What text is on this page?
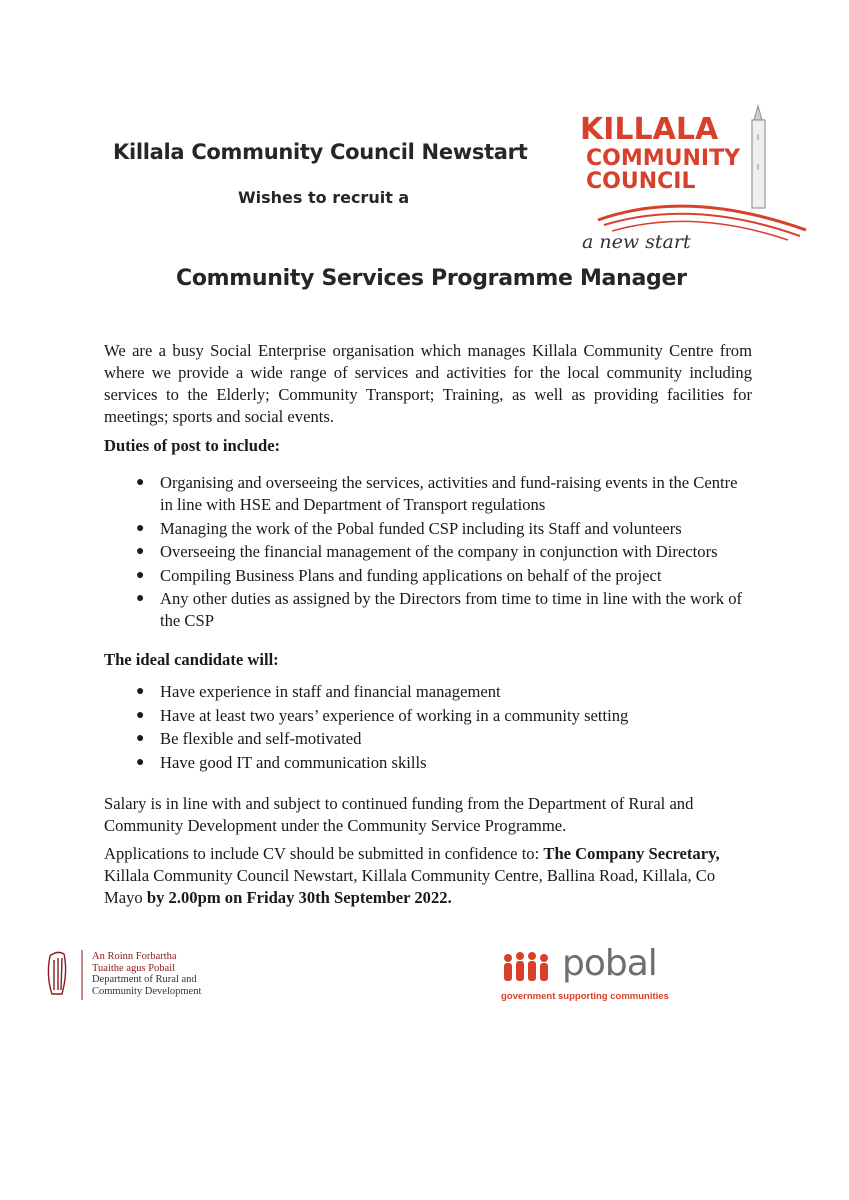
Killala Community Council Newstart
Wishes to recruit a
KILLALA
COMMUNITY
COUNCIL
a new start
Community Services Programme Manager
We are a busy Social Enterprise organisation which manages Killala Community Centre from where we provide a wide range of services and activities for the local community including services to the Elderly; Community Transport; Training, as well as providing facilities for meetings; sports and social events.
Duties of post to include:
● Organising and overseeing the services, activities and fund-raising events in the Centre in line with HSE and Department of Transport regulations
● Managing the work of the Pobal funded CSP including its Staff and volunteers
● Overseeing the financial management of the company in conjunction with Directors
● Compiling Business Plans and funding applications on behalf of the project
● Any other duties as assigned by the Directors from time to time in line with the work of the CSP
The ideal candidate will:
● Have experience in staff and financial management
● Have at least two years’ experience of working in a community setting
● Be flexible and self-motivated
● Have good IT and communication skills
Salary is in line with and subject to continued funding from the Department of Rural and Community Development under the Community Service Programme.
Applications to include CV should be submitted in confidence to: The Company Secretary, Killala Community Council Newstart, Killala Community Centre, Ballina Road, Killala, Co Mayo by 2.00pm on Friday 30th September 2022.
An Roinn Forbartha
Tuaithe agus Pobail
Department of Rural and
Community Development
pobal
government supporting communities
